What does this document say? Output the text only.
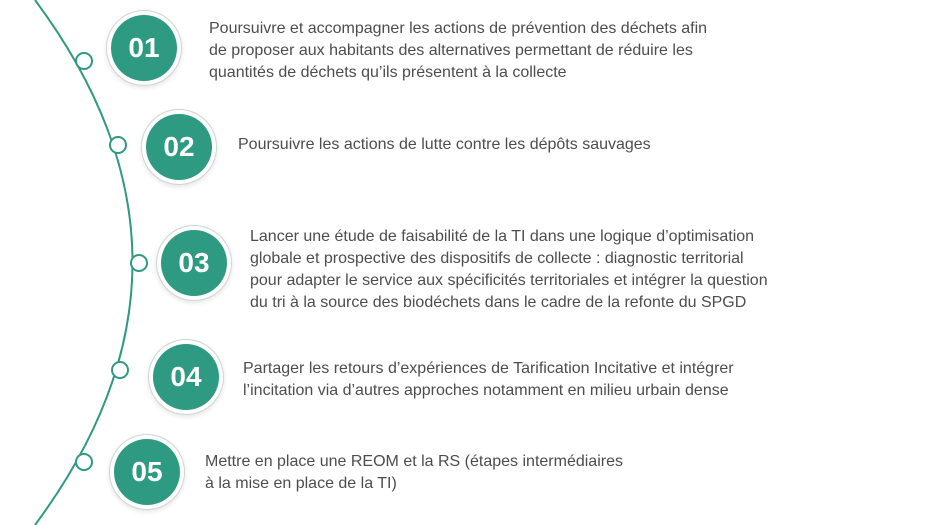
01

Poursuivre et accompagner les actions de prévention des déchets afin
de proposer aux habitants des alternatives permettant de réduire les
quantités de déchets qu’ils présentent à la collecte

02	Poursuivre les actions de lutte contre les dépôts sauvages

03

Lancer une étude de faisabilité de la TI dans une logique d’optimisation
globale et prospective des dispositifs de collecte : diagnostic territorial
pour adapter le service aux spécificités territoriales et intégrer la question
du tri à la source des biodéchets dans le cadre de la refonte du SPGD

04	Partager les retours d’expériences de Tarification Incitative et intégrer
l’incitation via d’autres approches notamment en milieu urbain dense

05	Mettre en place une REOM et la RS (étapes intermédiaires
à la mise en place de la TI)
